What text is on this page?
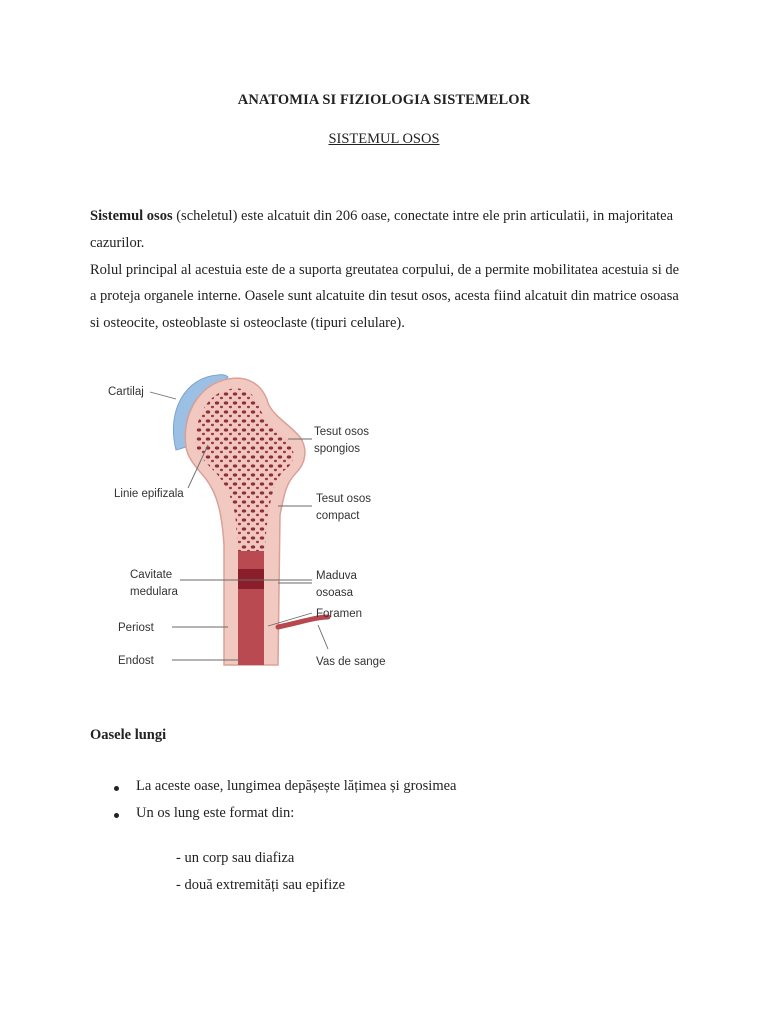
ANATOMIA SI FIZIOLOGIA SISTEMELOR
SISTEMUL OSOS

Sistemul osos (scheletul) este alcatuit din 206 oase, conectate intre ele prin articulatii, in majoritatea cazurilor.

Rolul principal al acestuia este de a suporta greutatea corpului, de a permite mobilitatea acestuia si de a proteja organele interne. Oasele sunt alcatuite din tesut osos, acesta fiind alcatuit din matrice osoasa si osteocite, osteoblaste si osteoclaste (tipuri celulare).

Cartilaj
Tesut osos
spongios
Linie epifizala	Tesut osos
compact
Cavitate
medulara
Maduva
osoasa
Foramen
Periost
Endost	Vas de sange
Oasele lungi
La aceste oase, lungimea depășește lățimea și grosimea
Un os lung este format din:
- un corp sau diafiza
- două extremități sau epifize
